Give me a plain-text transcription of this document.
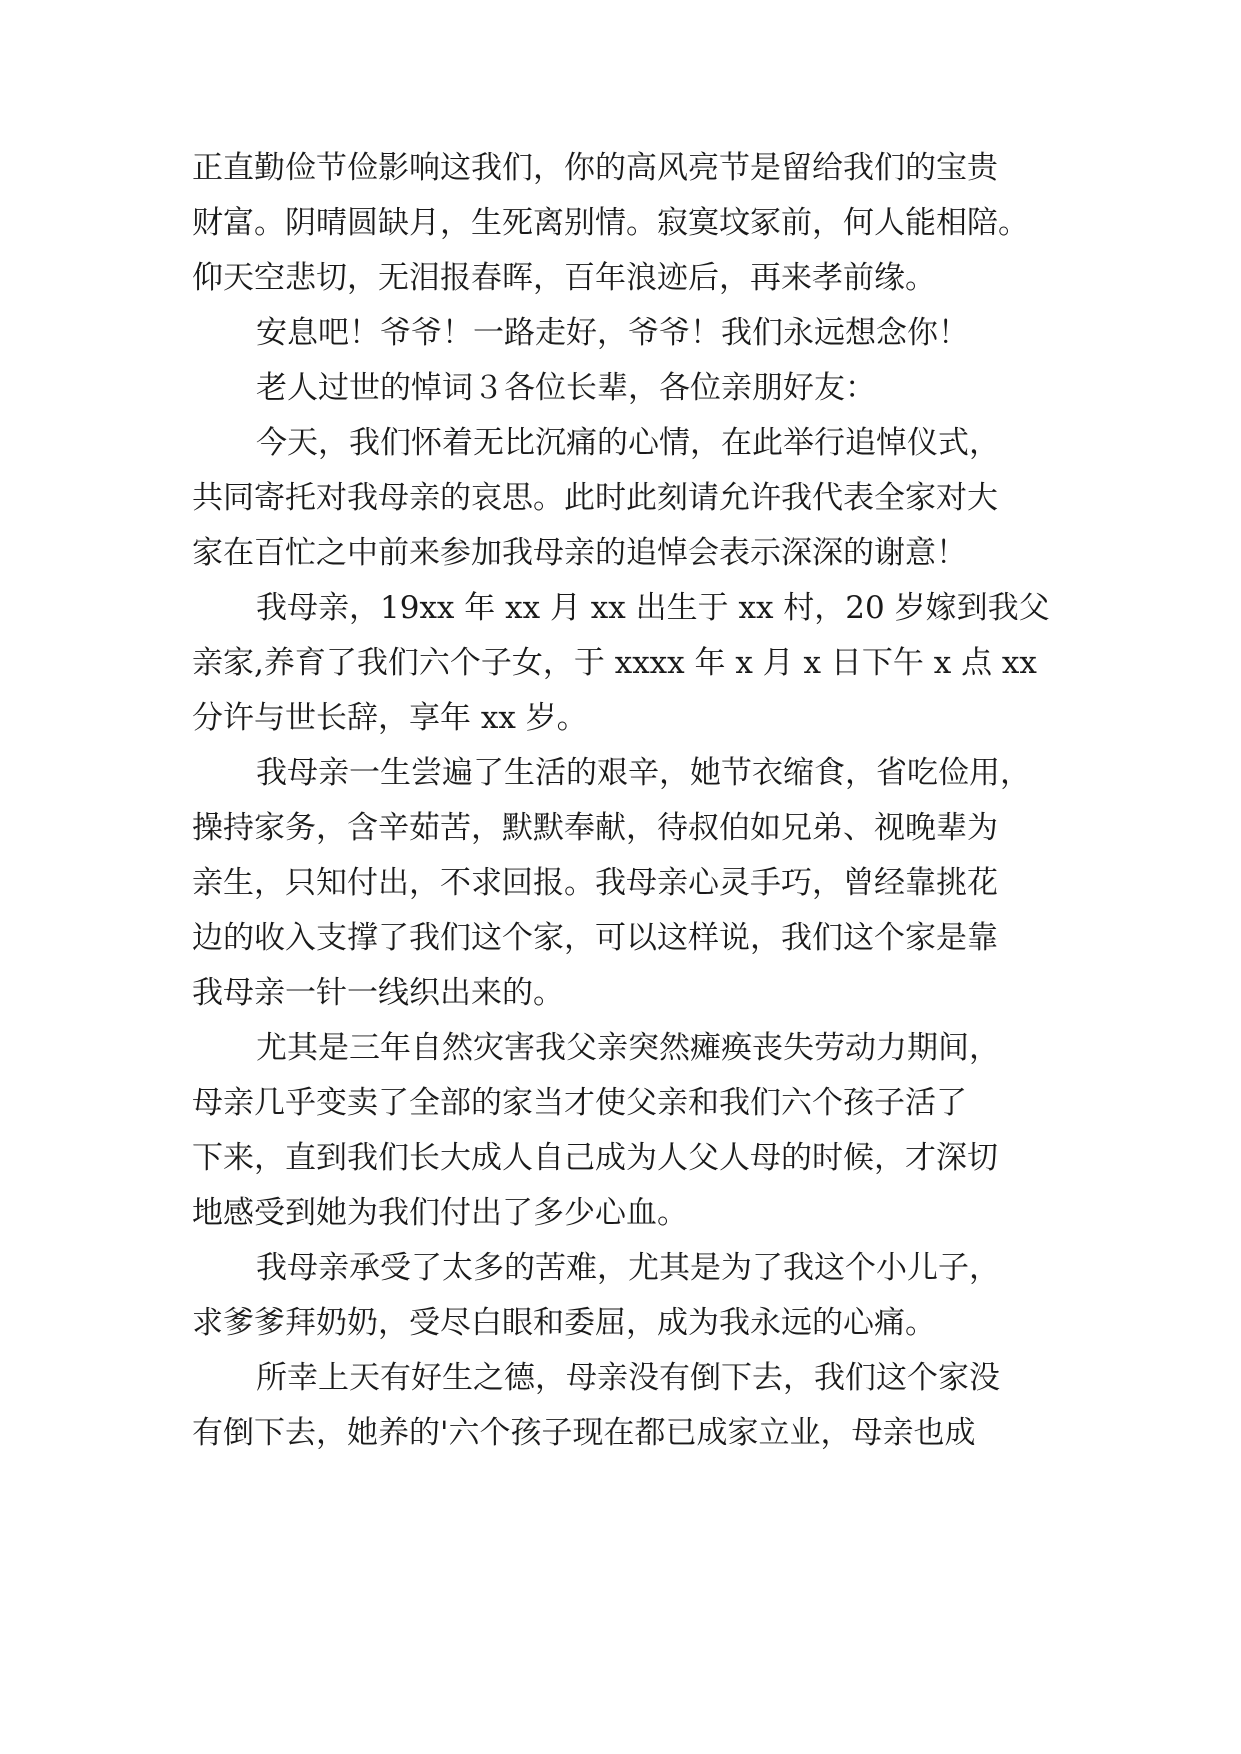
正直勤俭节俭影响这我们，你的高风亮节是留给我们的宝贵
财富。阴晴圆缺月，生死离别情。寂寞坟冢前，何人能相陪。
仰天空悲切，无泪报春晖，百年浪迹后，再来孝前缘。
安息吧！爷爷！一路走好，爷爷！我们永远想念你！
老人过世的悼词３各位长辈，各位亲朋好友：
今天，我们怀着无比沉痛的心情，在此举行追悼仪式，
共同寄托对我母亲的哀思。此时此刻请允许我代表全家对大
家在百忙之中前来参加我母亲的追悼会表示深深的谢意！
我母亲，19xx 年 xx 月 xx 出生于 xx 村，20 岁嫁到我父
亲家,养育了我们六个子女，于 xxxx 年 x 月 x 日下午 x 点 xx
分许与世长辞，享年 xx 岁。
我母亲一生尝遍了生活的艰辛，她节衣缩食，省吃俭用，
操持家务，含辛茹苦，默默奉献，待叔伯如兄弟、视晚辈为
亲生，只知付出，不求回报。我母亲心灵手巧，曾经靠挑花
边的收入支撑了我们这个家，可以这样说，我们这个家是靠
我母亲一针一线织出来的。
尤其是三年自然灾害我父亲突然瘫痪丧失劳动力期间，
母亲几乎变卖了全部的家当才使父亲和我们六个孩子活了
下来，直到我们长大成人自己成为人父人母的时候，才深切
地感受到她为我们付出了多少心血。
我母亲承受了太多的苦难，尤其是为了我这个小儿子，
求爹爹拜奶奶，受尽白眼和委屈，成为我永远的心痛。
所幸上天有好生之德，母亲没有倒下去，我们这个家没
有倒下去，她养的'六个孩子现在都已成家立业，母亲也成
